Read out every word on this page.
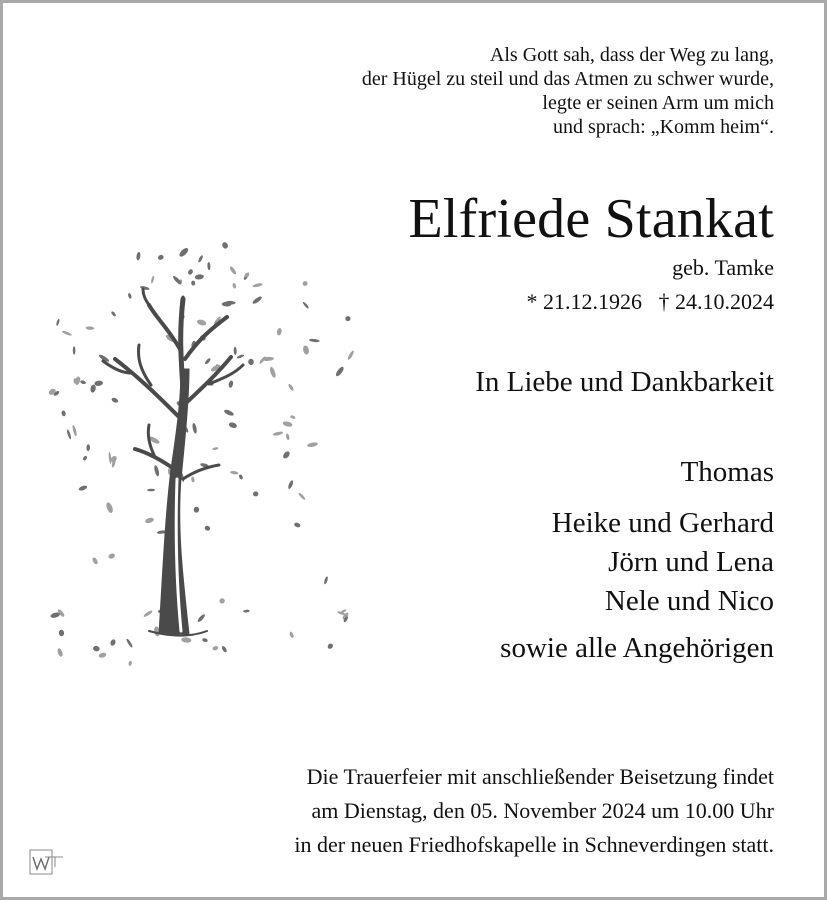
Als Gott sah, dass der Weg zu lang,
der Hügel zu steil und das Atmen zu schwer wurde,
legte er seinen Arm um mich
und sprach: „Komm heim“.
Elfriede Stankat
geb. Tamke
* 21.12.1926 † 24.10.2024
In Liebe und Dankbarkeit
Thomas
Heike und Gerhard
Jörn und Lena
Nele und Nico
sowie alle Angehörigen
Die Trauerfeier mit anschließender Beisetzung findet
am Dienstag, den 05. November 2024 um 10.00 Uhr
in der neuen Friedhofskapelle in Schneverdingen statt.
